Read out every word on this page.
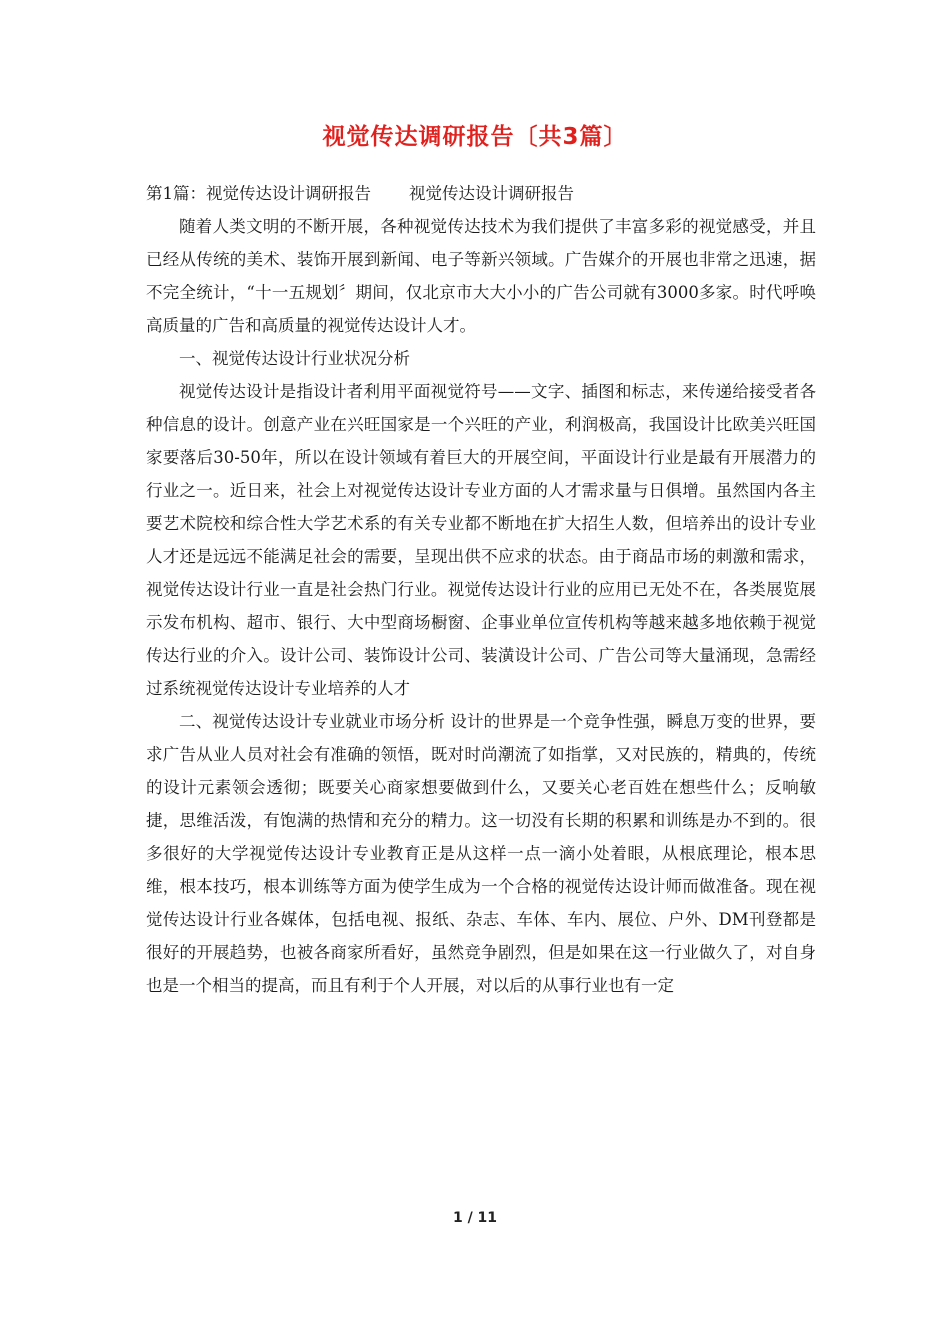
视觉传达调研报告〔共3篇〕

第1篇：视觉传达设计调研报告 视觉传达设计调研报告

随着人类文明的不断开展，各种视觉传达技术为我们提供了丰富多彩的视觉感受，并且已经从传统的美术、装饰开展到新闻、电子等新兴领域。广告媒介的开展也非常之迅速，据不完全统计，“十一五规划〞期间，仅北京市大大小小的广告公司就有3000多家。时代呼唤高质量的广告和高质量的视觉传达设计人才。

一、视觉传达设计行业状况分析

视觉传达设计是指设计者利用平面视觉符号——文字、插图和标志，来传递给接受者各种信息的设计。创意产业在兴旺国家是一个兴旺的产业，利润极高，我国设计比欧美兴旺国家要落后30-50年，所以在设计领域有着巨大的开展空间，平面设计行业是最有开展潜力的行业之一。近日来，社会上对视觉传达设计专业方面的人才需求量与日俱增。虽然国内各主要艺术院校和综合性大学艺术系的有关专业都不断地在扩大招生人数，但培养出的设计专业人才还是远远不能满足社会的需要，呈现出供不应求的状态。由于商品市场的刺激和需求，视觉传达设计行业一直是社会热门行业。视觉传达设计行业的应用已无处不在，各类展览展示发布机构、超市、银行、大中型商场橱窗、企事业单位宣传机构等越来越多地依赖于视觉传达行业的介入。设计公司、装饰设计公司、装潢设计公司、广告公司等大量涌现，急需经过系统视觉传达设计专业培养的人才

二、视觉传达设计专业就业市场分析 设计的世界是一个竞争性强，瞬息万变的世界，要求广告从业人员对社会有准确的领悟，既对时尚潮流了如指掌，又对民族的，精典的，传统的设计元素领会透彻；既要关心商家想要做到什么，又要关心老百姓在想些什么；反响敏捷，思维活泼，有饱满的热情和充分的精力。这一切没有长期的积累和训练是办不到的。很多很好的大学视觉传达设计专业教育正是从这样一点一滴小处着眼，从根底理论，根本思维，根本技巧，根本训练等方面为使学生成为一个合格的视觉传达设计师而做准备。现在视觉传达设计行业各媒体，包括电视、报纸、杂志、车体、车内、展位、户外、DM刊登都是很好的开展趋势，也被各商家所看好，虽然竞争剧烈，但是如果在这一行业做久了，对自身也是一个相当的提高，而且有利于个人开展，对以后的从事行业也有一定

1 / 11
